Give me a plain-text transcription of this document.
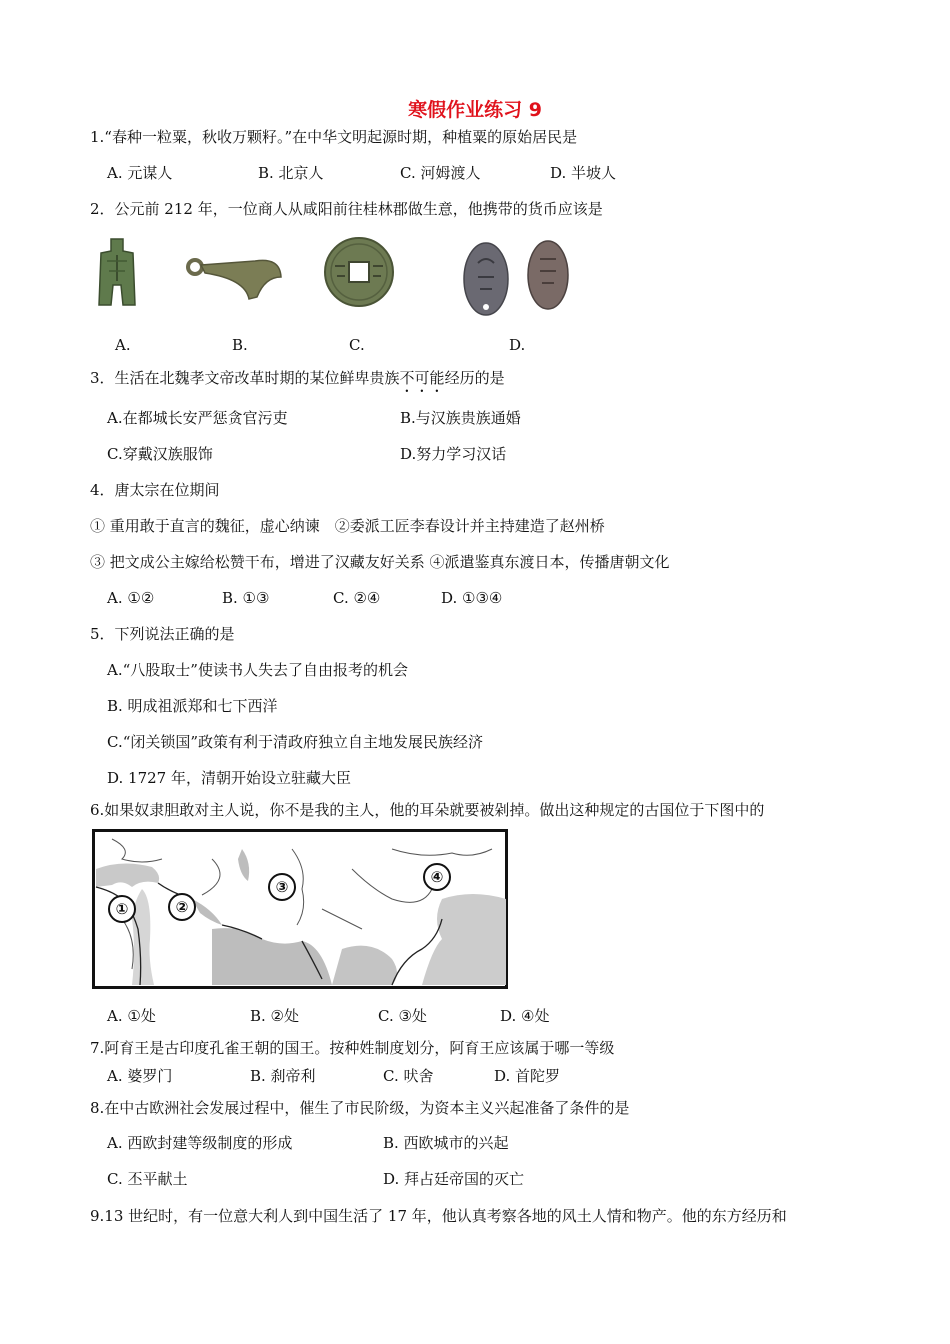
寒假作业练习 9
1.“春种一粒粟，秋收万颗籽。”在中华文明起源时期，种植粟的原始居民是
A. 元谋人	B. 北京人	C. 河姆渡人	D. 半坡人
2．公元前 212 年，一位商人从咸阳前往桂林郡做生意，他携带的货币应该是
A.	B.	C.	D.
3．生活在北魏孝文帝改革时期的某位鲜卑贵族不可能经历的是
A.在都城长安严惩贪官污吏	B.与汉族贵族通婚
C.穿戴汉族服饰	D.努力学习汉话
4．唐太宗在位期间
① 重用敢于直言的魏征，虚心纳谏　②委派工匠李春设计并主持建造了赵州桥
③ 把文成公主嫁给松赞干布，增进了汉藏友好关系 ④派遣鉴真东渡日本，传播唐朝文化
A. ①②	B. ①③	C. ②④	D. ①③④
5．下列说法正确的是
A.“八股取士”使读书人失去了自由报考的机会
B. 明成祖派郑和七下西洋
C.“闭关锁国”政策有利于清政府独立自主地发展民族经济
D. 1727 年，清朝开始设立驻藏大臣
6.如果奴隶胆敢对主人说，你不是我的主人，他的耳朵就要被剁掉。做出这种规定的古国位于下图中的
①	②
③
④
A. ①处	B. ②处	C. ③处	D. ④处
7.阿育王是古印度孔雀王朝的国王。按种姓制度划分，阿育王应该属于哪一等级
A. 婆罗门	B. 刹帝利	C. 吠舍	D. 首陀罗
8.在中古欧洲社会发展过程中，催生了市民阶级，为资本主义兴起准备了条件的是
A. 西欧封建等级制度的形成	B. 西欧城市的兴起
C. 丕平献土	D. 拜占廷帝国的灭亡
9.13 世纪时，有一位意大利人到中国生活了 17 年，他认真考察各地的风土人情和物产。他的东方经历和
